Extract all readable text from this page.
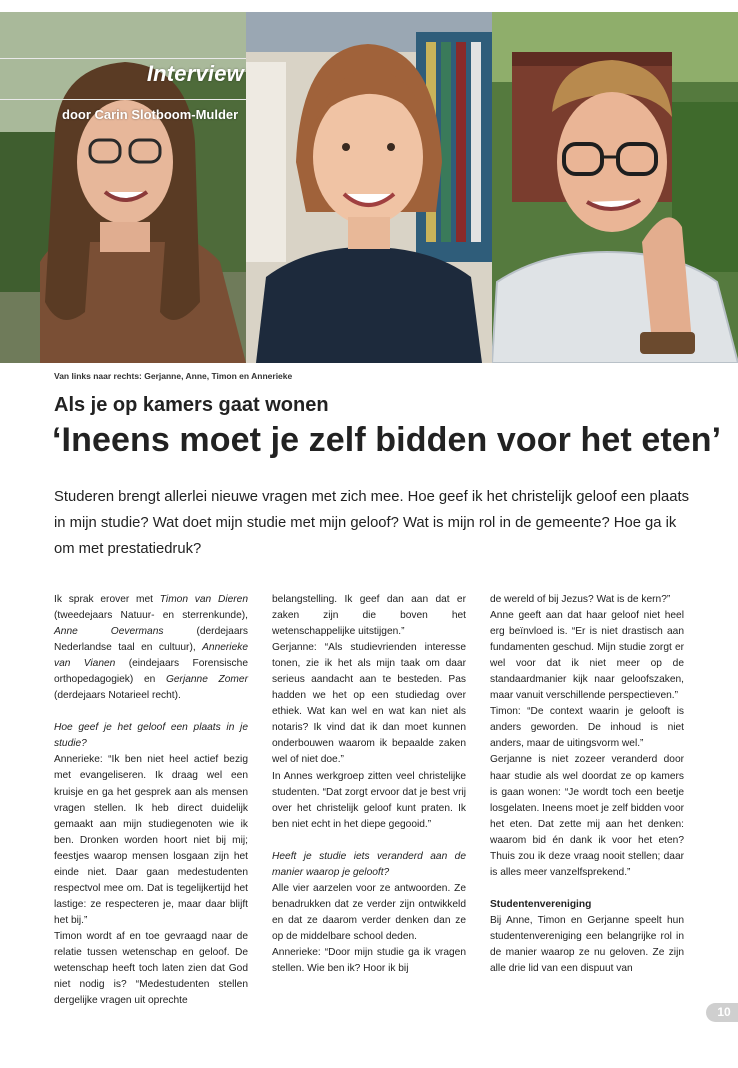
Interview
door Carin Slotboom-Mulder
Van links naar rechts: Gerjanne, Anne, Timon en Annerieke
Als je op kamers gaat wonen
‘Ineens moet je zelf bidden voor het eten’
Studeren brengt allerlei nieuwe vragen met zich mee. Hoe geef ik het christelijk geloof een plaats in mijn studie? Wat doet mijn studie met mijn geloof? Wat is mijn rol in de gemeente? Hoe ga ik om met prestatiedruk?

Ik sprak erover met Timon van Dieren (tweedejaars Natuur- en sterrenkunde), Anne Oevermans (derdejaars Nederlandse taal en cultuur), Annerieke van Vianen (eindejaars Forensische orthopedagogiek) en Gerjanne Zomer (derdejaars Notarieel recht).

Hoe geef je het geloof een plaats in je studie?

Annerieke: “Ik ben niet heel actief bezig met evangeliseren. Ik draag wel een kruisje en ga het gesprek aan als mensen vragen stellen. Ik heb direct duidelijk gemaakt aan mijn studiegenoten wie ik ben. Dronken worden hoort niet bij mij; feestjes waarop mensen losgaan zijn het einde niet. Daar gaan medestudenten respectvol mee om. Dat is tegelijkertijd het lastige: ze respecteren je, maar daar blijft het bij.”

Timon wordt af en toe gevraagd naar de relatie tussen wetenschap en geloof. De wetenschap heeft toch laten zien dat God niet nodig is? “Medestudenten stellen dergelijke vragen uit oprechte

belangstelling. Ik geef dan aan dat er zaken zijn die boven het wetenschappelijke uitstijgen.”

Gerjanne: “Als studievrienden interesse tonen, zie ik het als mijn taak om daar serieus aandacht aan te besteden. Pas hadden we het op een studiedag over ethiek. Wat kan wel en wat kan niet als notaris? Ik vind dat ik dan moet kunnen onderbouwen waarom ik bepaalde zaken wel of niet doe.”

In Annes werkgroep zitten veel christelijke studenten. “Dat zorgt ervoor dat je best vrij over het christelijk geloof kunt praten. Ik ben niet echt in het diepe gegooid.”

Heeft je studie iets veranderd aan de manier waarop je gelooft?

Alle vier aarzelen voor ze antwoorden. Ze benadrukken dat ze verder zijn ontwikkeld en dat ze daarom verder denken dan ze op de middelbare school deden.

Annerieke: “Door mijn studie ga ik vragen stellen. Wie ben ik? Hoor ik bij

de wereld of bij Jezus? Wat is de kern?”

Anne geeft aan dat haar geloof niet heel erg beïnvloed is. “Er is niet drastisch aan fundamenten geschud. Mijn studie zorgt er wel voor dat ik niet meer op de standaardmanier kijk naar geloofszaken, maar vanuit verschillende perspectieven.”

Timon: “De context waarin je gelooft is anders geworden. De inhoud is niet anders, maar de uitingsvorm wel.”

Gerjanne is niet zozeer veranderd door haar studie als wel doordat ze op kamers is gaan wonen: “Je wordt toch een beetje losgelaten. Ineens moet je zelf bidden voor het eten. Dat zette mij aan het denken: waarom bid én dank ik voor het eten? Thuis zou ik deze vraag nooit stellen; daar is alles meer vanzelfsprekend.”

Studentenvereniging

Bij Anne, Timon en Gerjanne speelt hun studentenvereniging een belangrijke rol in de manier waarop ze nu geloven. Ze zijn alle drie lid van een dispuut van

10
